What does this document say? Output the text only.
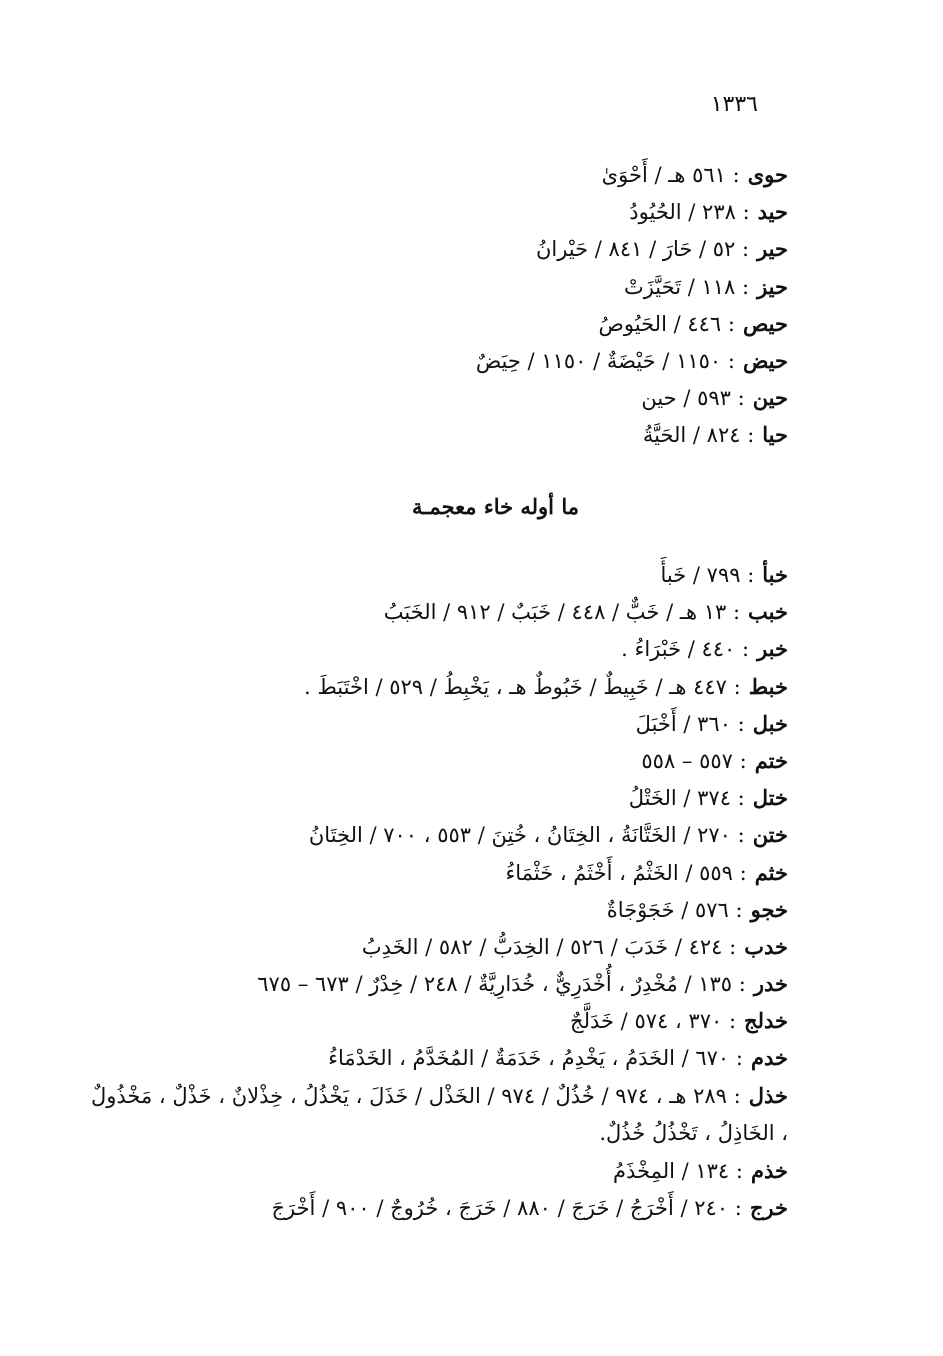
١٣٣٦
حوى: ٥٦١ هـ / أَحْوَىٰ
حيد: ٢٣٨ / الحُيُودُ
حير: ٥٢ / حَارَ / ٨٤١ / حَيْرانُ
حيز: ١١٨ / تَحَيَّزَتْ
حيص: ٤٤٦ / الحَيُوصُ
حيض: ١١٥٠ / حَيْضَةٌ / ١١٥٠ / حِيَضٌ
حين: ٥٩٣ / حين
حيا: ٨٢٤ / الحَيَّةُ
ما أوله خاء معجمـة
خبأ: ٧٩٩ / خَبأَ
خبب: ١٣ هـ / خَبٌّ / ٤٤٨ / خَبَبٌ / ٩١٢ / الخَبَبُ
خبر: ٤٤٠ / خَبْرَاءُ .
خبط: ٤٤٧ هـ / خَبِيطٌ / خَبُوطٌ هـ ، يَخْبِطُ / ٥٢٩ / اخْتَبَطَ .
خبل: ٣٦٠ / أَخْبَلَ
ختم: ٥٥٧ – ٥٥٨
ختل: ٣٧٤ / الخَتْلُ
ختن: ٢٧٠ / الخَتَّانَةُ ، الخِتَانُ ، خُتِنَ / ٥٥٣ ، ٧٠٠ / الخِتَانُ
خثم: ٥٥٩ / الخَثْمُ ، أَخْثَمُ ، خَثْمَاءُ
خجو: ٥٧٦ / خَجَوْجَاةٌ
خدب: ٤٢٤ / خَدَبَ / ٥٢٦ / الخِدَبُّ / ٥٨٢ / الخَدِبُ
خدر: ١٣٥ / مُخْدِرٌ ، أُخْدَرِيٌّ ، خُدَارِيَّةٌ / ٢٤٨ / خِدْرٌ / ٦٧٣ – ٦٧٥
خدلج: ٣٧٠ ، ٥٧٤ / خَدَلَّجٌ
خدم: ٦٧٠ / الخَدَمُ ، يَخْدِمُ ، خَدَمَةٌ / المُخَدَّمُ ، الخَدْمَاءُ
خذل: ٢٨٩ هـ ، ٩٧٤ / خُذُلٌ / ٩٧٤ / الخَذْل / خَذَلَ ، يَخْذُلُ ، خِذْلانٌ ، خَذْلٌ ، مَخْذُولٌ ، الخَاذِلُ ، تَخْذُلُ خُذُلٌ.
خذم: ١٣٤ / المِخْذَمُ
خرج: ٢٤٠ / أَخْرَجُ / خَرَجَ / ٨٨٠ / خَرَجَ ، خُرُوجٌ / ٩٠٠ / أَخْرَجَ
